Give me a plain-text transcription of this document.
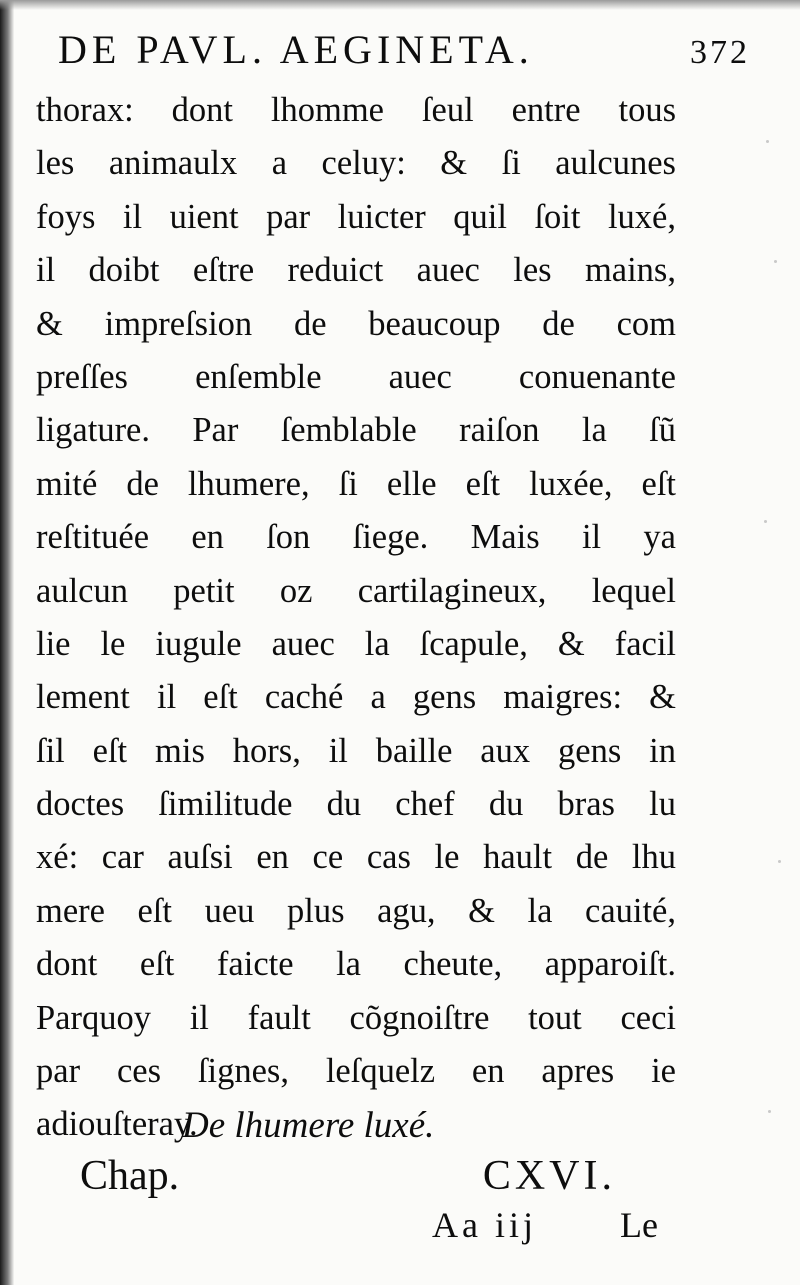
DE PAVL. AEGINETA.	372
thorax: dont lhomme ſeul entre tous
les animaulx a celuy: & ſi aulcunes
foys il uient par luicter quil ſoit luxé,
il doibt eſtre reduict auec les mains,
& impreſsion de beaucoup de com
preſſes enſemble auec conuenante
ligature. Par ſemblable raiſon la ſũ
mité de lhumere, ſi elle eſt luxée, eſt
reſtituée en ſon ſiege. Mais il ya
aulcun petit oz cartilagineux, lequel
lie le iugule auec la ſcapule, & facil
lement il eſt caché a gens maigres: &
ſil eſt mis hors, il baille aux gens in
doctes ſimilitude du chef du bras lu
xé: car auſsi en ce cas le hault de lhu
mere eſt ueu plus agu, & la cauité,
dont eſt faicte la cheute, apparoiſt.
Parquoy il fault cõgnoiſtre tout ceci
par ces ſignes, leſquelz en apres ie
adiouſteray.
De lhumere luxé.
Chap.	CXVI.
Aa iij Le
